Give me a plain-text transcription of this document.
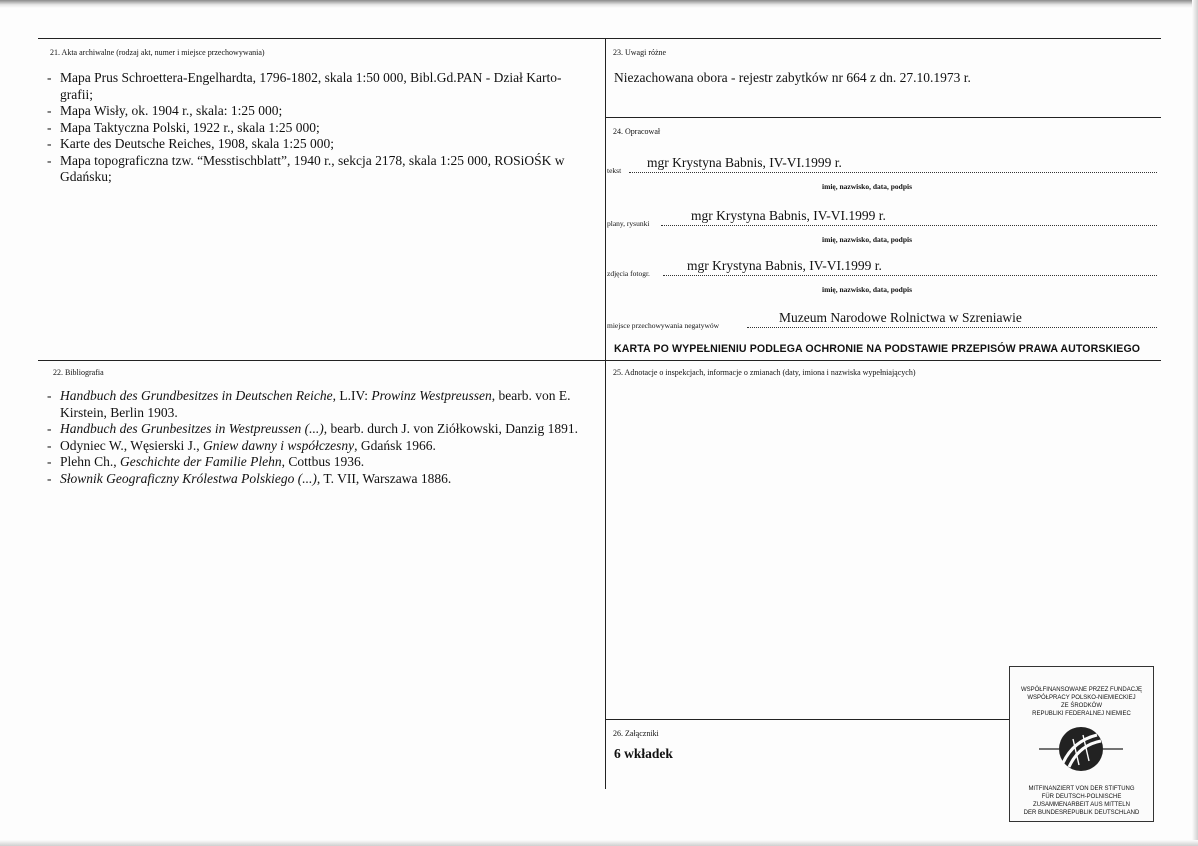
21. Akta archiwalne (rodzaj akt, numer i miejsce przechowywania)
- Mapa Prus Schroettera-Engelhardta, 1796-1802, skala 1:50 000, Bibl.Gd.PAN - Dział Karto-
grafii;
- Mapa Wisły, ok. 1904 r., skala: 1:25 000;
- Mapa Taktyczna Polski, 1922 r., skala 1:25 000;
- Karte des Deutsche Reiches, 1908, skala 1:25 000;
- Mapa topograficzna tzw. “Messtischblatt”, 1940 r., sekcja 2178, skala 1:25 000, ROSiOŚK w
Gdańsku;
23. Uwagi różne
Niezachowana obora - rejestr zabytków nr 664 z dn. 27.10.1973 r.
24. Opracował
tekst
mgr Krystyna Babnis, IV-VI.1999 r.
imię, nazwisko, data, podpis
plany, rysunki
mgr Krystyna Babnis, IV-VI.1999 r.
imię, nazwisko, data, podpis
zdjęcia fotogr.
mgr Krystyna Babnis, IV-VI.1999 r.
imię, nazwisko, data, podpis
miejsce przechowywania negatywów
Muzeum Narodowe Rolnictwa w Szreniawie
KARTA PO WYPEŁNIENIU PODLEGA OCHRONIE NA PODSTAWIE PRZEPISÓW PRAWA AUTORSKIEGO
22. Bibliografia
- Handbuch des Grundbesitzes in Deutschen Reiche, L.IV: Prowinz Westpreussen, bearb. von E.
Kirstein, Berlin 1903.
- Handbuch des Grunbesitzes in Westpreussen (...), bearb. durch J. von Ziółkowski, Danzig 1891.
- Odyniec W., Węsierski J., Gniew dawny i współczesny, Gdańsk 1966.
- Plehn Ch., Geschichte der Familie Plehn, Cottbus 1936.
- Słownik Geograficzny Królestwa Polskiego (...), T. VII, Warszawa 1886.
25. Adnotacje o inspekcjach, informacje o zmianach (daty, imiona i nazwiska wypełniających)
26. Załączniki
6 wkładek
WSPÓŁFINANSOWANE PRZEZ FUNDACJĘ
WSPÓŁPRACY POLSKO-NIEMIECKIEJ
ZE ŚRODKÓW
REPUBLIKI FEDERALNEJ NIEMIEC
MITFINANZIERT VON DER STIFTUNG
FÜR DEUTSCH-POLNISCHE
ZUSAMMENARBEIT AUS MITTELN
DER BUNDESREPUBLIK DEUTSCHLAND
